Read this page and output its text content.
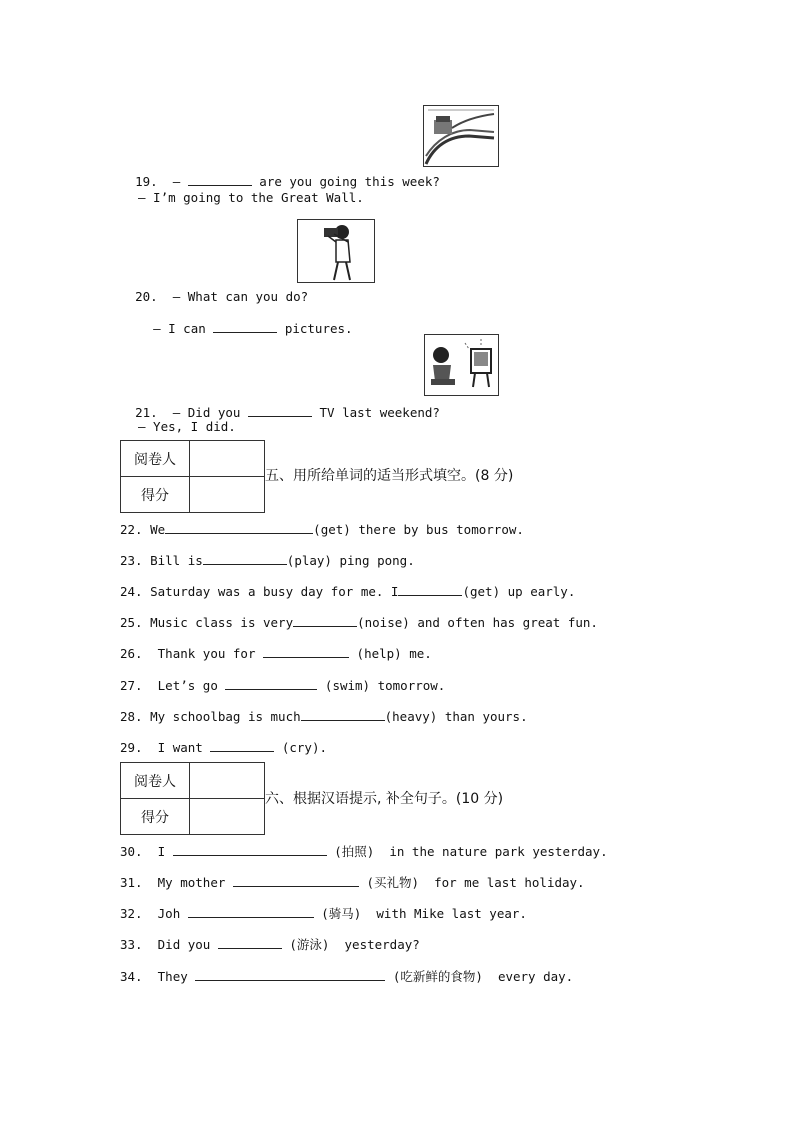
19. —	are you going this week?

— I’m going to the Great Wall.

20. — What can you do?

— I can	pictures.

21. — Did you	TV last weekend?

— Yes, I did.
阅卷人	
得分	
五、用所给单词的适当形式填空。(8 分)
22. We	(get) there by bus tomorrow.
23. Bill is	(play) ping pong.
24. Saturday was a busy day for me. I	(get) up early.
25. Music class is very	(noise) and often has great fun.
26. Thank you for	(help) me.
27. Let’s go	(swim) tomorrow.
28. My schoolbag is much	(heavy) than yours.
29. I want	(cry).
阅卷人	
得分	
六、根据汉语提示, 补全句子。(10 分)
30. I	(拍照) in the nature park yesterday.
31. My mother	(买礼物) for me last holiday.
32. Joh	(骑马) with Mike last year.
33. Did you	(游泳) yesterday?
34. They	(吃新鲜的食物) every day.
